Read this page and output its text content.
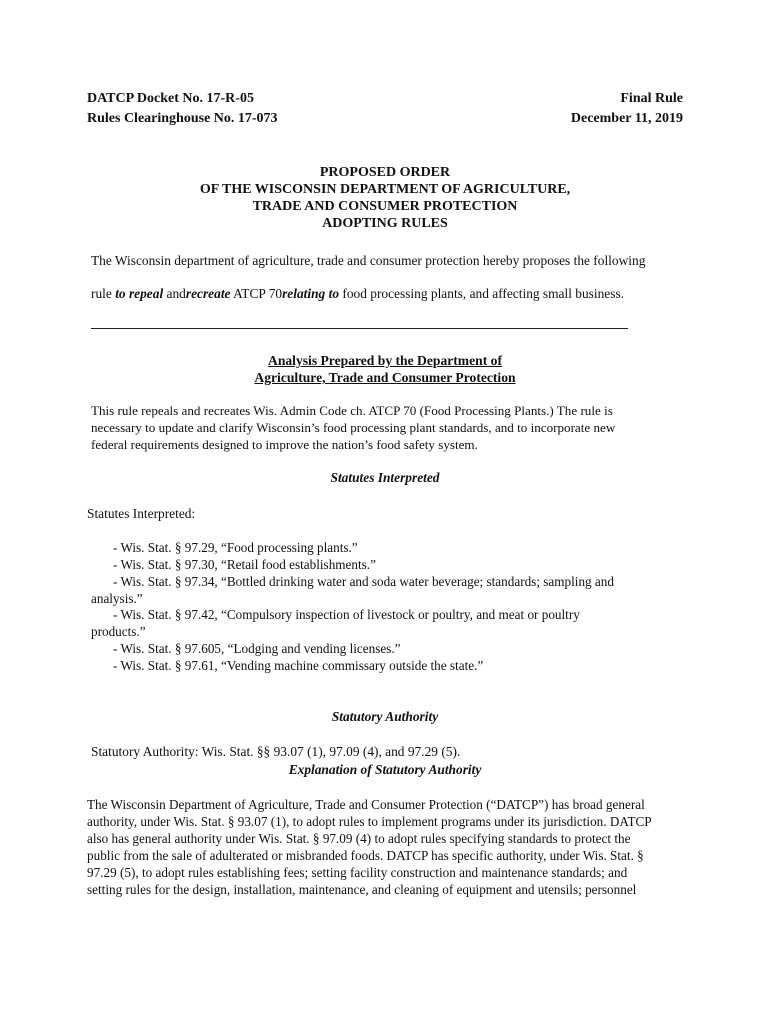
DATCP Docket No. 17-R-05
Rules Clearinghouse No. 17-073
Final Rule
December 11, 2019
PROPOSED ORDER
OF THE WISCONSIN DEPARTMENT OF AGRICULTURE,
TRADE AND CONSUMER PROTECTION
ADOPTING RULES
The Wisconsin department of agriculture, trade and consumer protection hereby proposes the following
rule to repeal andrecreate ATCP 70relating to food processing plants, and affecting small business.
Analysis Prepared by the Department of
Agriculture, Trade and Consumer Protection
This rule repeals and recreates Wis. Admin Code ch. ATCP 70 (Food Processing Plants.) The rule is
necessary to update and clarify Wisconsin’s food processing plant standards, and to incorporate new
federal requirements designed to improve the nation’s food safety system.
Statutes Interpreted
Statutes Interpreted:
- Wis. Stat. § 97.29, “Food processing plants.”
- Wis. Stat. § 97.30, “Retail food establishments.”
- Wis. Stat. § 97.34, “Bottled drinking water and soda water beverage; standards; sampling and
analysis.”
- Wis. Stat. § 97.42, “Compulsory inspection of livestock or poultry, and meat or poultry
products.”
- Wis. Stat. § 97.605, “Lodging and vending licenses.”
- Wis. Stat. § 97.61, “Vending machine commissary outside the state.”
Statutory Authority
Statutory Authority: Wis. Stat. §§ 93.07 (1), 97.09 (4), and 97.29 (5).
Explanation of Statutory Authority
The Wisconsin Department of Agriculture, Trade and Consumer Protection (“DATCP”) has broad general
authority, under Wis. Stat. § 93.07 (1), to adopt rules to implement programs under its jurisdiction. DATCP
also has general authority under Wis. Stat. § 97.09 (4) to adopt rules specifying standards to protect the
public from the sale of adulterated or misbranded foods. DATCP has specific authority, under Wis. Stat. §
97.29 (5), to adopt rules establishing fees; setting facility construction and maintenance standards; and
setting rules for the design, installation, maintenance, and cleaning of equipment and utensils; personnel
